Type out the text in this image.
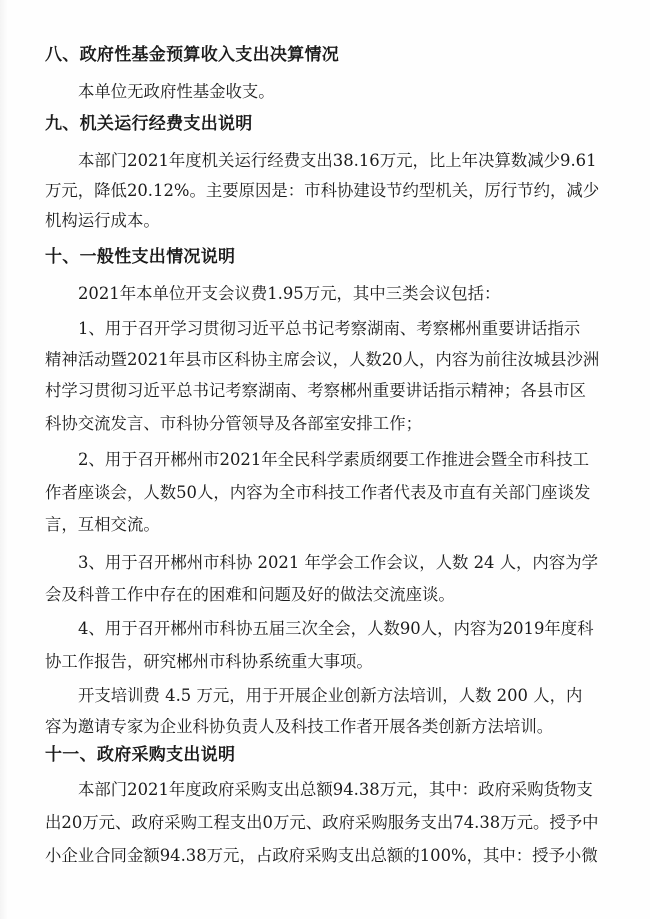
八、政府性基金预算收入支出决算情况
本单位无政府性基金收支。
九、机关运行经费支出说明
本部门2021年度机关运行经费支出38.16万元，比上年决算数减少9.61
万元，降低20.12%。主要原因是：市科协建设节约型机关，厉行节约，减少
机构运行成本。
十、一般性支出情况说明
2021年本单位开支会议费1.95万元，其中三类会议包括：
1、用于召开学习贯彻习近平总书记考察湖南、考察郴州重要讲话指示
精神活动暨2021年县市区科协主席会议，人数20人，内容为前往汝城县沙洲
村学习贯彻习近平总书记考察湖南、考察郴州重要讲话指示精神；各县市区
科协交流发言、市科协分管领导及各部室安排工作；
2、用于召开郴州市2021年全民科学素质纲要工作推进会暨全市科技工
作者座谈会，人数50人，内容为全市科技工作者代表及市直有关部门座谈发
言，互相交流。
3、用于召开郴州市科协 2021 年学会工作会议，人数 24 人，内容为学
会及科普工作中存在的困难和问题及好的做法交流座谈。
4、用于召开郴州市科协五届三次全会，人数90人，内容为2019年度科
协工作报告，研究郴州市科协系统重大事项。
开支培训费 4.5 万元，用于开展企业创新方法培训，人数 200 人，内
容为邀请专家为企业科协负责人及科技工作者开展各类创新方法培训。
十一、政府采购支出说明
本部门2021年度政府采购支出总额94.38万元，其中：政府采购货物支
出20万元、政府采购工程支出0万元、政府采购服务支出74.38万元。授予中
小企业合同金额94.38万元，占政府采购支出总额的100%，其中：授予小微
